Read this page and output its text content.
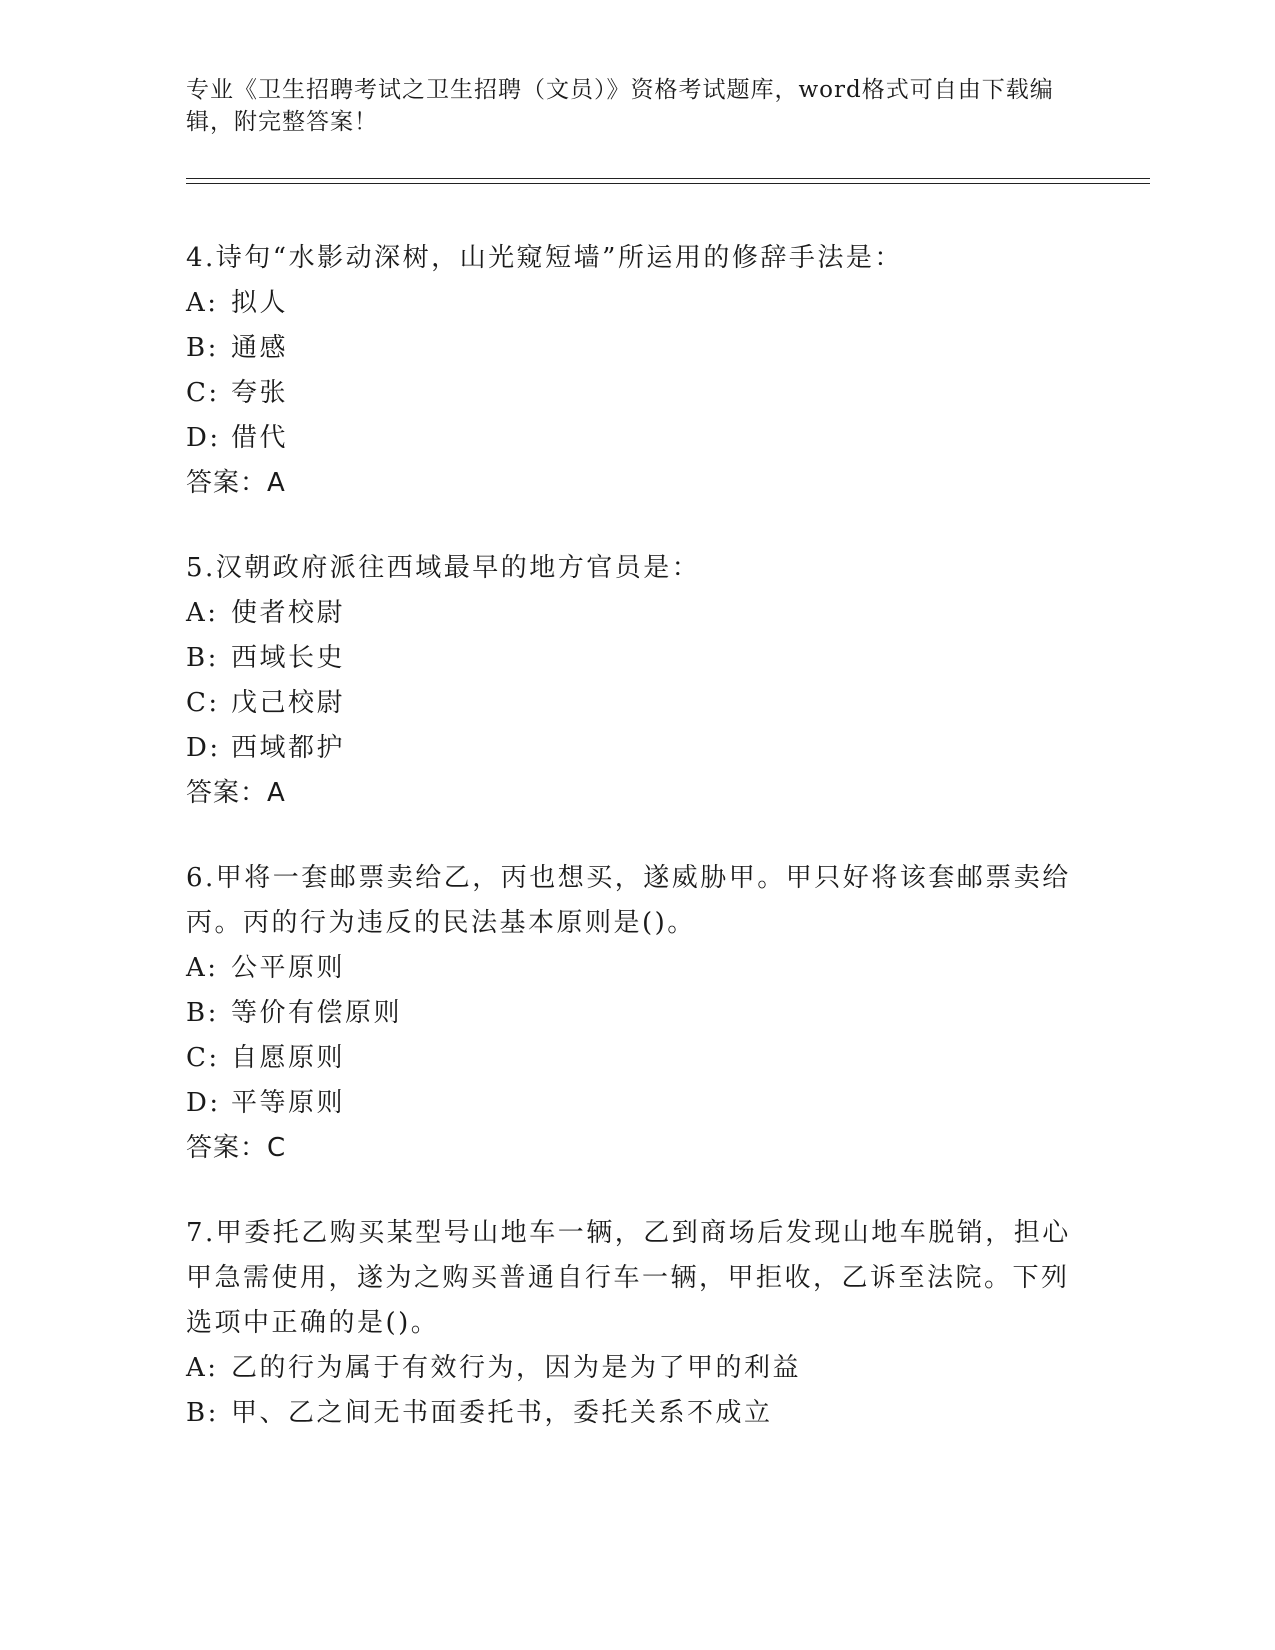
专业《卫生招聘考试之卫生招聘（文员）》资格考试题库，word格式可自由下载编辑，附完整答案！

4.诗句“水影动深树，山光窥短墙”所运用的修辞手法是：

A: 拟人

B: 通感

C: 夸张

D: 借代

答案：A

5.汉朝政府派往西域最早的地方官员是：

A: 使者校尉

B: 西域长史

C: 戊己校尉

D: 西域都护

答案：A

6.甲将一套邮票卖给乙，丙也想买，遂威胁甲。甲只好将该套邮票卖给丙。丙的行为违反的民法基本原则是()。

A: 公平原则

B: 等价有偿原则

C: 自愿原则

D: 平等原则

答案：C

7.甲委托乙购买某型号山地车一辆，乙到商场后发现山地车脱销，担心甲急需使用，遂为之购买普通自行车一辆，甲拒收，乙诉至法院。下列选项中正确的是()。

A: 乙的行为属于有效行为，因为是为了甲的利益

B: 甲、乙之间无书面委托书，委托关系不成立
